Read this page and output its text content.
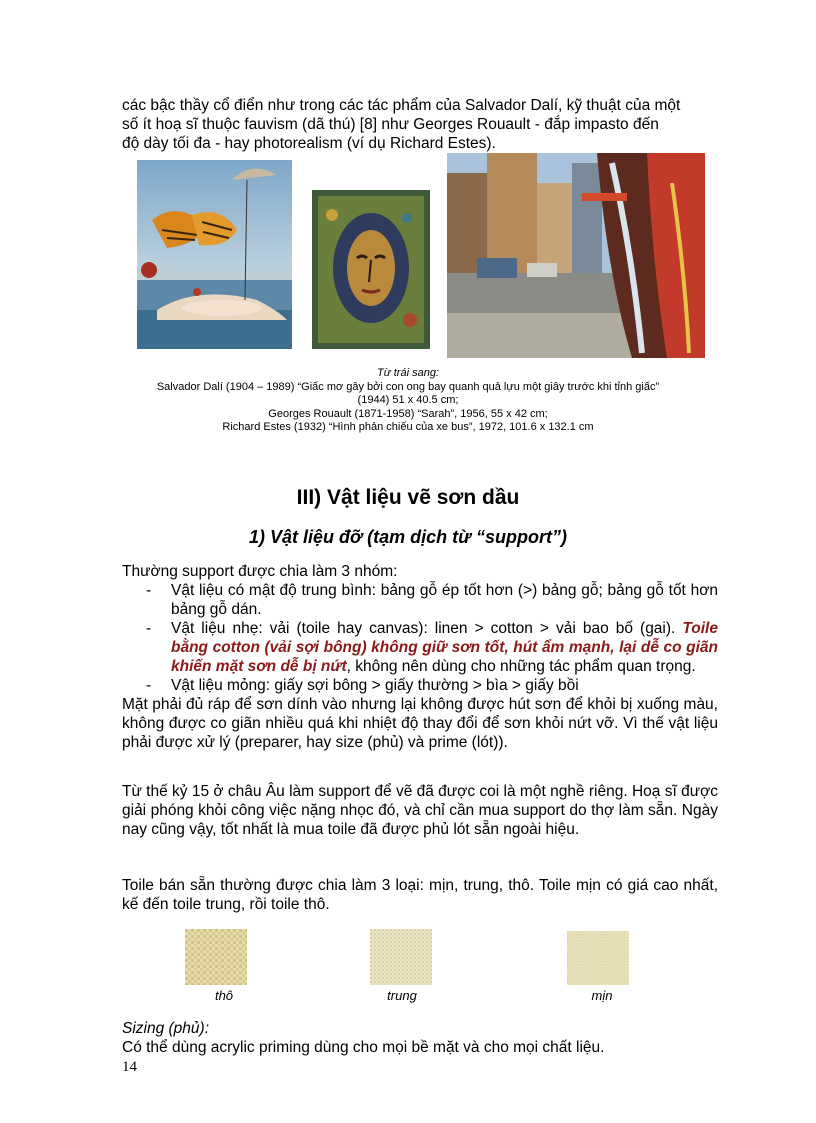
các bậc thầy cổ điển như trong các tác phẩm của Salvador Dalí, kỹ thuật của một

số ít hoạ sĩ thuộc fauvism (dã thú) [8] như Georges Rouault - đắp impasto đến

độ dày tối đa - hay photorealism (ví dụ Richard Estes).

Từ trái sang:
Salvador Dalí (1904 – 1989) “Giấc mơ gây bởi con ong bay quanh quả lựu một giây trước khi tỉnh giấc”
(1944) 51 x 40.5 cm;
Georges Rouault (1871-1958) “Sarah”, 1956, 55 x 42 cm;
Richard Estes (1932) “Hình phản chiếu của xe bus”, 1972, 101.6 x 132.1 cm
III) Vật liệu vẽ sơn dầu
1) Vật liệu đỡ (tạm dịch từ “support”)

Thường support được chia làm 3 nhóm:

- Vật liệu có mật độ trung bình: bảng gỗ ép tốt hơn (>) bảng gỗ; bảng gỗ tốt hơn bảng gỗ dán.
- Vật liệu nhẹ: vải (toile hay canvas): linen > cotton > vải bao bố (gai). Toile bằng cotton (vải sợi bông) không giữ sơn tốt, hút ẩm mạnh, lại dễ co giãn khiến mặt sơn dễ bị nứt, không nên dùng cho những tác phẩm quan trọng.
- Vật liệu mỏng: giấy sợi bông > giấy thường > bìa > giấy bồi

Mặt phải đủ ráp để sơn dính vào nhưng lại không được hút sơn để khỏi bị xuống màu, không được co giãn nhiều quá khi nhiệt độ thay đổi để sơn khỏi nứt vỡ. Vì thế vật liệu phải được xử lý (preparer, hay size (phủ) và prime (lót)).

Từ thế kỷ 15 ở châu Âu làm support để vẽ đã được coi là một nghề riêng. Hoạ sĩ được giải phóng khỏi công việc nặng nhọc đó, và chỉ cần mua support do thợ làm sẵn. Ngày nay cũng vậy, tốt nhất là mua toile đã được phủ lót sẵn ngoài hiệu.

Toile bán sẵn thường được chia làm 3 loại: mịn, trung, thô. Toile mịn có giá cao nhất, kế đến toile trung, rồi toile thô.

thô	trung	mịn

Sizing (phủ):

Có thể dùng acrylic priming dùng cho mọi bề mặt và cho mọi chất liệu.

14
